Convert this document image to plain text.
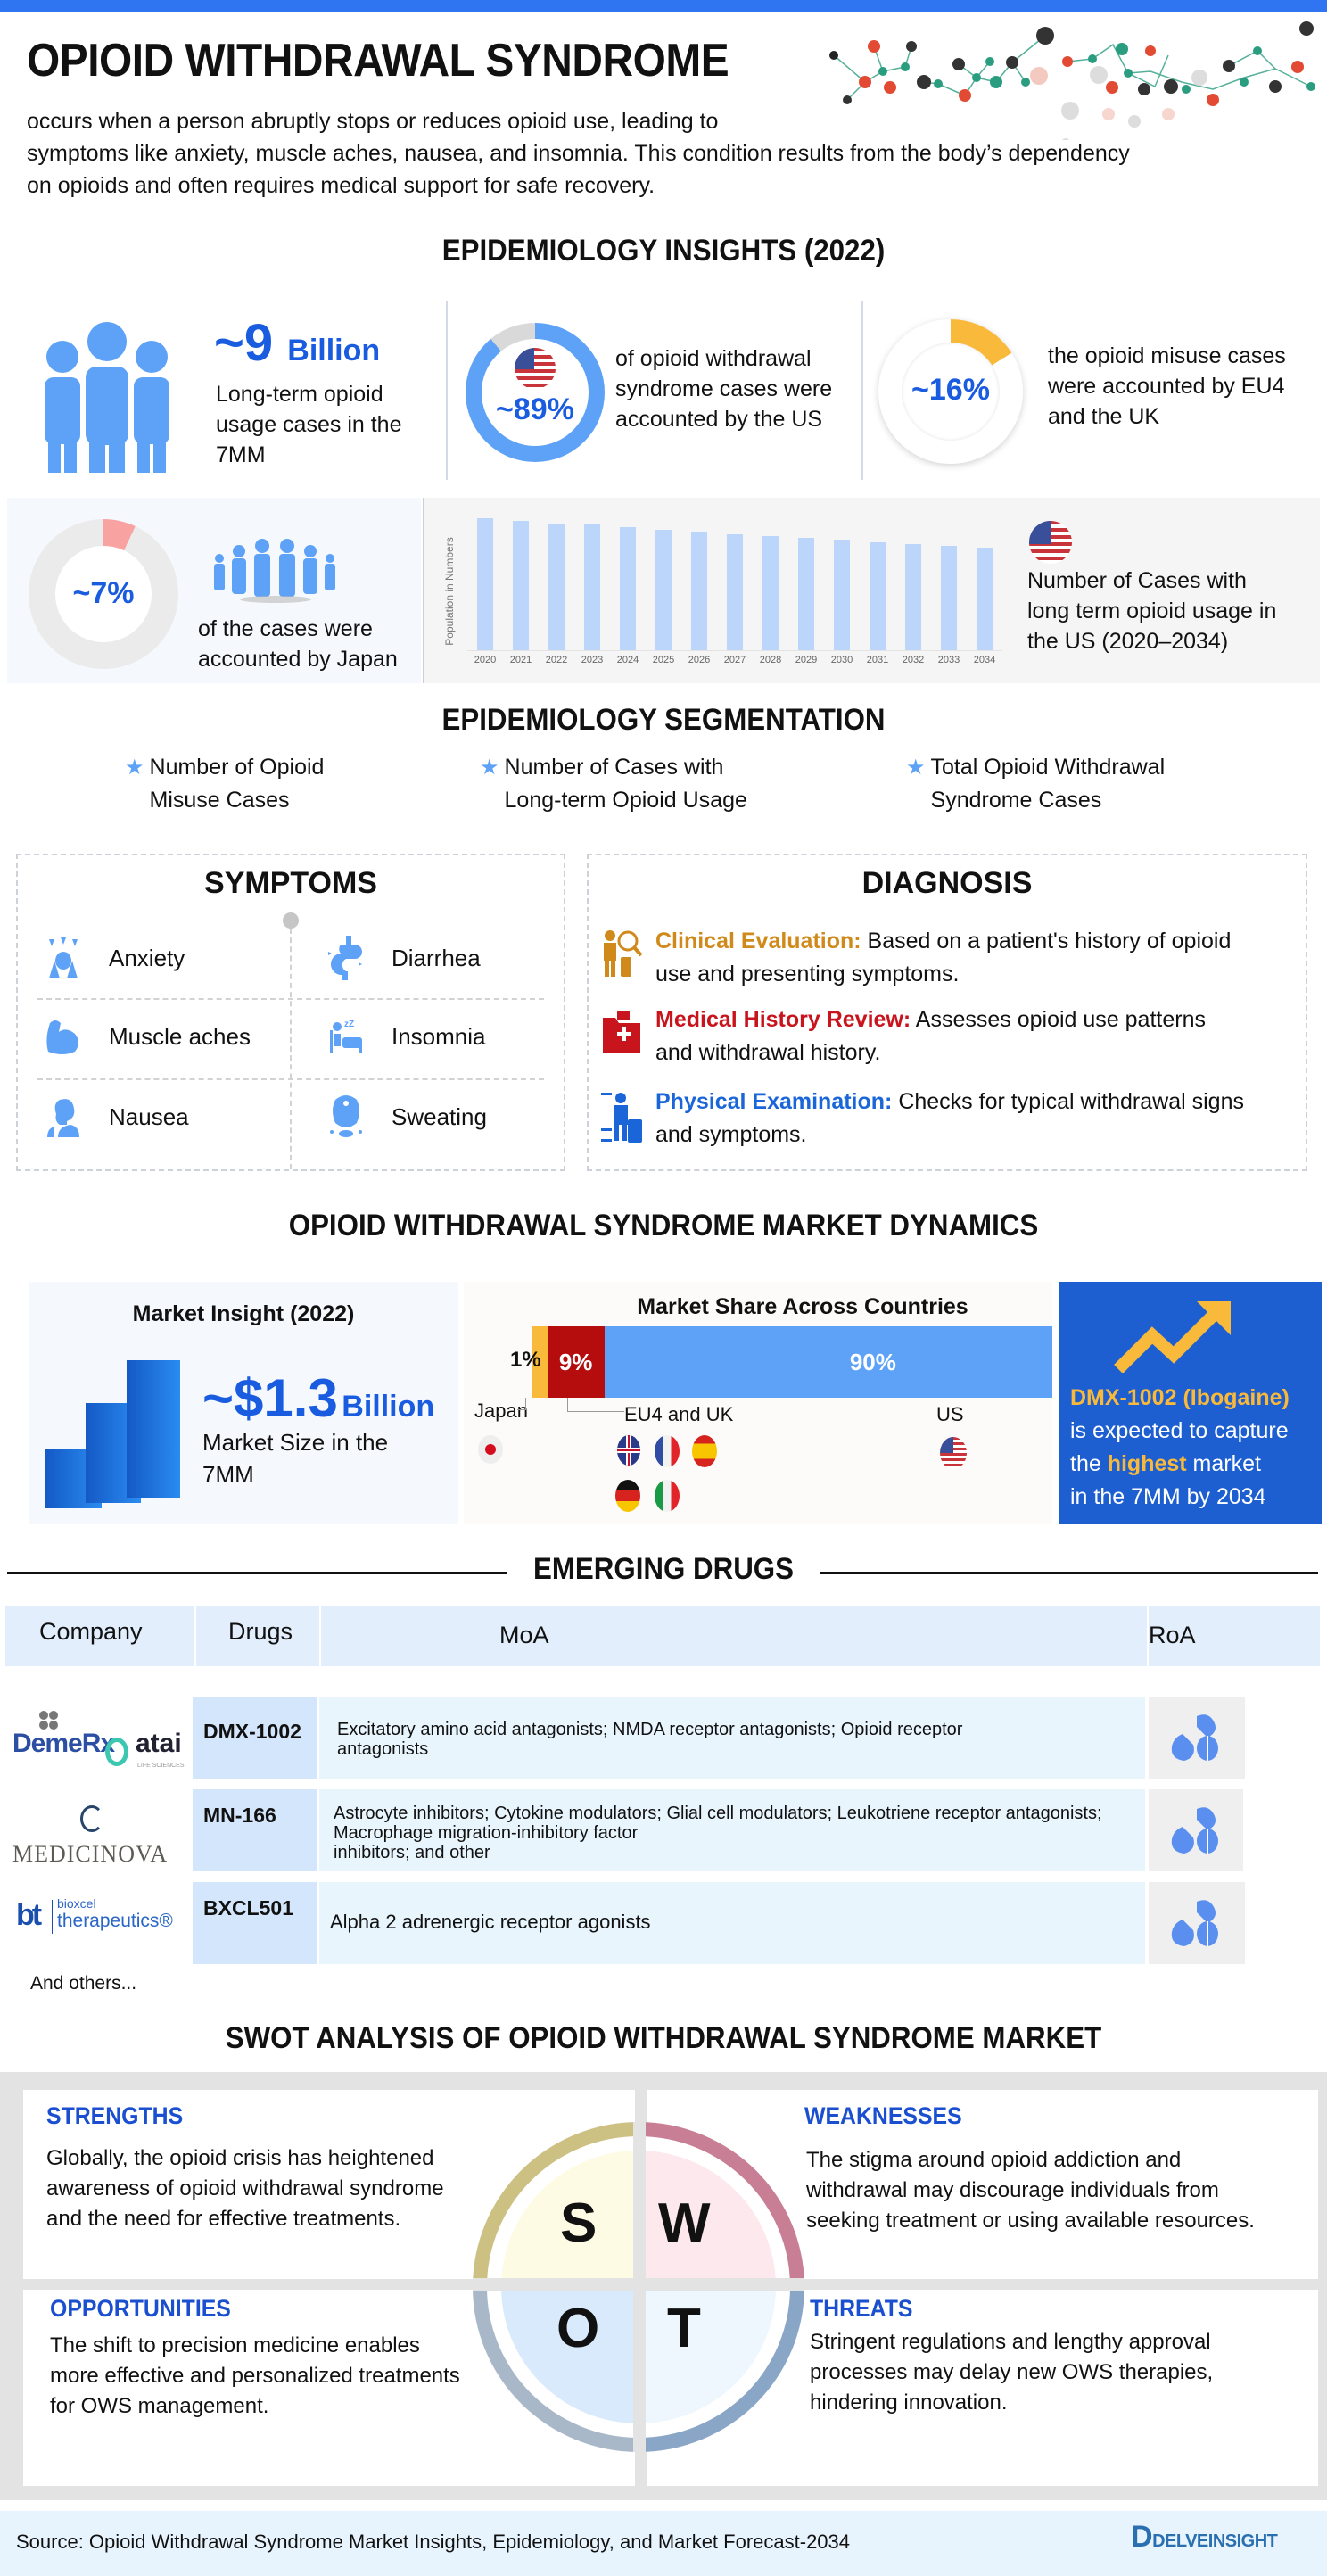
OPIOID WITHDRAWAL SYNDROME
occurs when a person abruptly stops or reduces opioid use, leading to
symptoms like anxiety, muscle aches, nausea, and insomnia. This condition results from the body’s dependency
on opioids and often requires medical support for safe recovery.
EPIDEMIOLOGY INSIGHTS (2022)
~9 Billion
Long-term opioid
usage cases in the
7MM
~89%
of opioid withdrawal
syndrome cases were
accounted by the US
~16%
the opioid misuse cases
were accounted by EU4
and the UK
~7%
of the cases were
accounted by Japan
Population in Numbers
2020	2021	2022	2023	2024	2025	2026	2027	2028	2029	2030	2031	2032	2033	2034
Number of Cases with
long term opioid usage in
the US (2020–2034)
EPIDEMIOLOGY SEGMENTATION
★ Number of Opioid
Misuse Cases
★ Number of Cases with
Long-term Opioid Usage
★ Total Opioid Withdrawal
Syndrome Cases
SYMPTOMS
Anxiety	Diarrhea
Muscle aches	zZ Insomnia
Nausea	Sweating
DIAGNOSIS
Clinical Evaluation: Based on a patient's history of opioid
use and presenting symptoms.
Medical History Review: Assesses opioid use patterns
and withdrawal history.
Physical Examination: Checks for typical withdrawal signs
and symptoms.
OPIOID WITHDRAWAL SYNDROME MARKET DYNAMICS
Market Insight (2022)
~$1.3 Billion
Market Size in the
7MM
Market Share Across Countries
9%	90%
1%
Japan	EU4 and UK	US
DMX-1002 (Ibogaine)
is expected to capture
the highest market
in the 7MM by 2034
EMERGING DRUGS
Company	Drugs	MoA	RoA
DemeRx atai
LIFE SCIENCES
DMX-1002	Excitatory amino acid antagonists; NMDA receptor antagonists; Opioid receptor
antagonists
MEDICINOVA
MN-166	Astrocyte inhibitors; Cytokine modulators; Glial cell modulators; Leukotriene receptor antagonists;
Macrophage migration-inhibitory factor
inhibitors; and other
bt bioxcel
therapeutics®
BXCL501
Alpha 2 adrenergic receptor agonists
And others...
SWOT ANALYSIS OF OPIOID WITHDRAWAL SYNDROME MARKET
S W
O T
STRENGTHS
Globally, the opioid crisis has heightened
awareness of opioid withdrawal syndrome
and the need for effective treatments.
WEAKNESSES
The stigma around opioid addiction and
withdrawal may discourage individuals from
seeking treatment or using available resources.
OPPORTUNITIES
The shift to precision medicine enables
more effective and personalized treatments
for OWS management.
THREATS
Stringent regulations and lengthy approval
processes may delay new OWS therapies,
hindering innovation.
Source: Opioid Withdrawal Syndrome Market Insights, Epidemiology, and Market Forecast-2034	DDELVEINSIGHT
